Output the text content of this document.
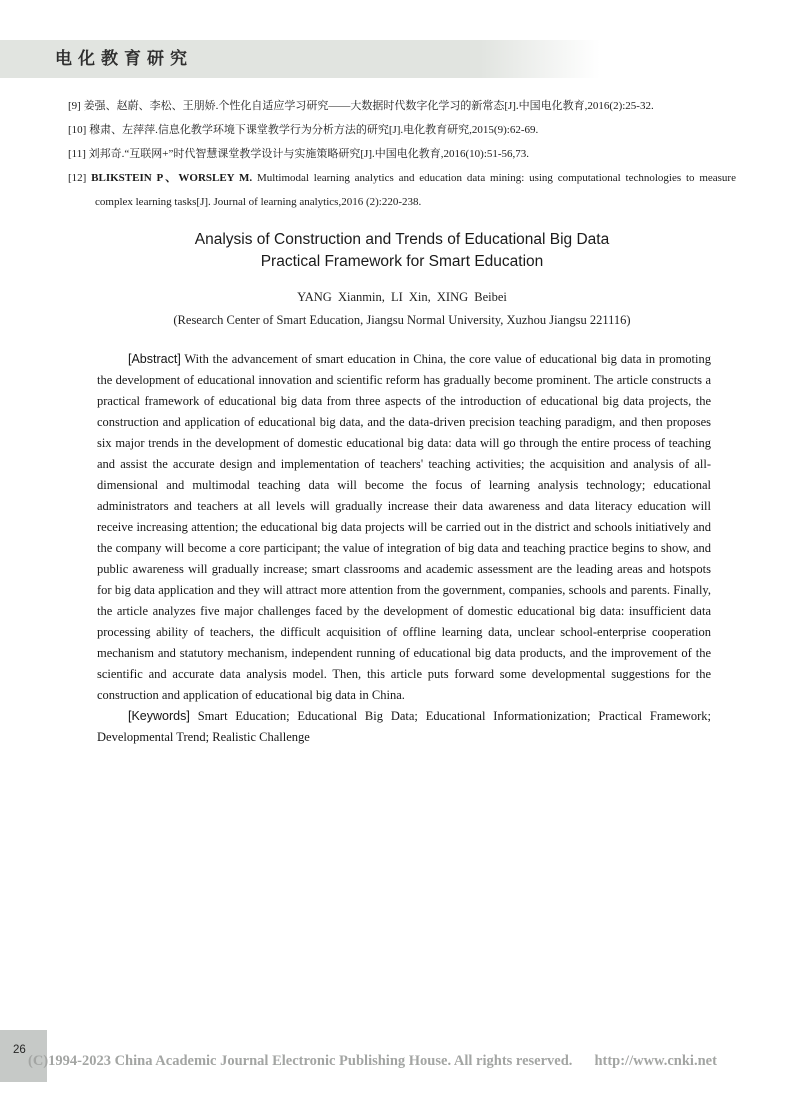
电化教育研究

[9] 姜强、赵蔚、李松、王朋娇.个性化自适应学习研究——大数据时代数字化学习的新常态[J].中国电化教育,2016(2):25-32.

[10] 穆肃、左萍萍.信息化教学环境下课堂教学行为分析方法的研究[J].电化教育研究,2015(9):62-69.

[11] 刘邦奇.“互联网+”时代智慧课堂教学设计与实施策略研究[J].中国电化教育,2016(10):51-56,73.

[12] BLIKSTEIN P、WORSLEY M. Multimodal learning analytics and education data mining: using computational technologies to measure complex learning tasks[J]. Journal of learning analytics,2016 (2):220-238.

Analysis of Construction and Trends of Educational Big Data

Practical Framework for Smart Education

YANG Xianmin, LI Xin, XING Beibei

(Research Center of Smart Education, Jiangsu Normal University, Xuzhou Jiangsu 221116)

[Abstract] With the advancement of smart education in China, the core value of educational big data in promoting the development of educational innovation and scientific reform has gradually become prominent. The article constructs a practical framework of educational big data from three aspects of the introduction of educational big data projects, the construction and application of educational big data, and the data-driven precision teaching paradigm, and then proposes six major trends in the development of domestic educational big data: data will go through the entire process of teaching and assist the accurate design and implementation of teachers' teaching activities; the acquisition and analysis of all-dimensional and multimodal teaching data will become the focus of learning analysis technology; educational administrators and teachers at all levels will gradually increase their data awareness and data literacy education will receive increasing attention; the educational big data projects will be carried out in the district and schools initiatively and the company will become a core participant; the value of integration of big data and teaching practice begins to show, and public awareness will gradually increase; smart classrooms and academic assessment are the leading areas and hotspots for big data application and they will attract more attention from the government, companies, schools and parents. Finally, the article analyzes five major challenges faced by the development of domestic educational big data: insufficient data processing ability of teachers, the difficult acquisition of offline learning data, unclear school-enterprise cooperation mechanism and statutory mechanism, independent running of educational big data products, and the improvement of the scientific and accurate data analysis model. Then, this article puts forward some developmental suggestions for the construction and application of educational big data in China.

[Keywords] Smart Education; Educational Big Data; Educational Informationization; Practical Framework; Developmental Trend; Realistic Challenge

26
(C)1994-2023 China Academic Journal Electronic Publishing House. All rights reserved. http://www.cnki.net
